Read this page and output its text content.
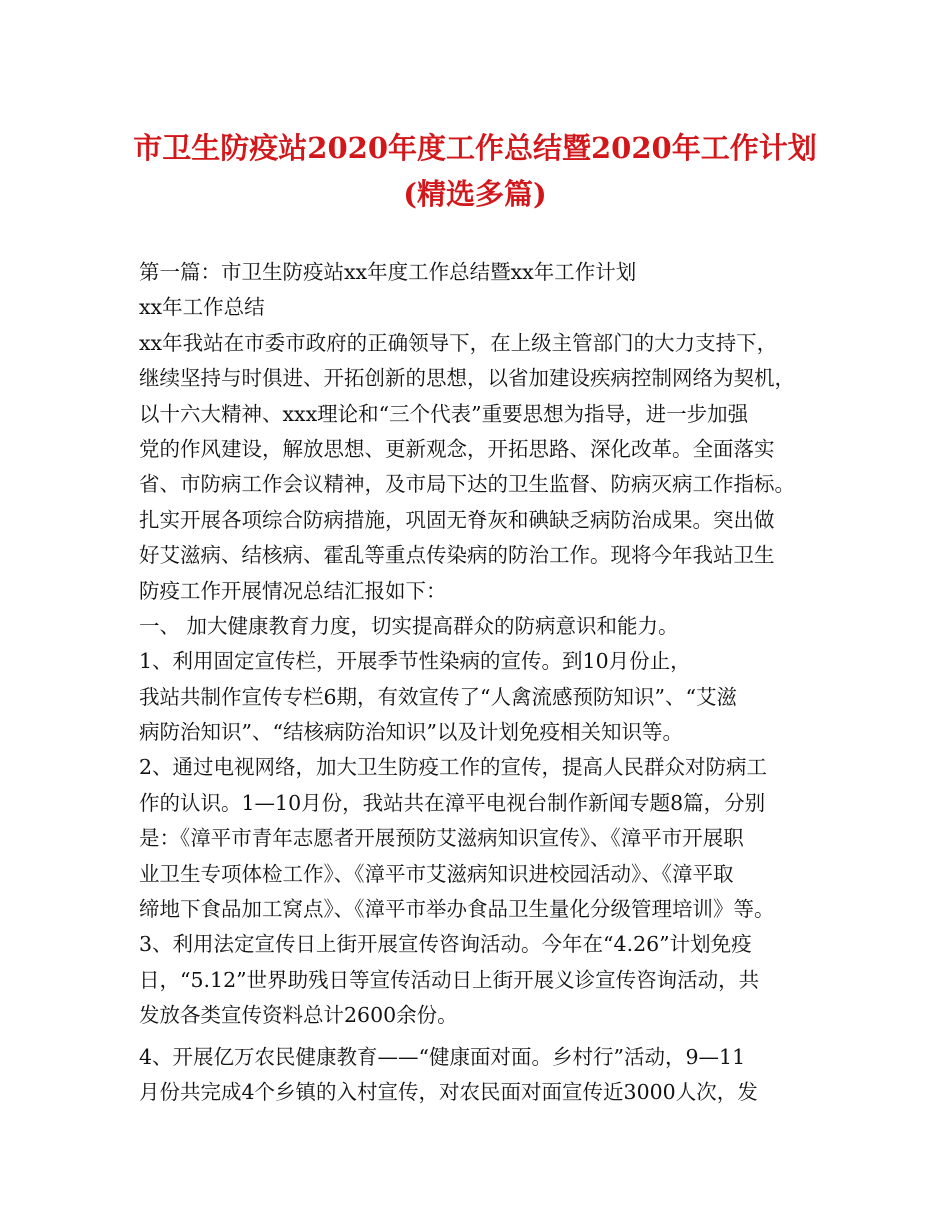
市卫生防疫站2020年度工作总结暨2020年工作计划
(精选多篇)
第一篇：市卫生防疫站xx年度工作总结暨xx年工作计划
xx年工作总结
xx年我站在市委市政府的正确领导下，在上级主管部门的大力支持下，
继续坚持与时俱进、开拓创新的思想，以省加建设疾病控制网络为契机，
以十六大精神、xxx理论和“三个代表”重要思想为指导，进一步加强
党的作风建设，解放思想、更新观念，开拓思路、深化改革。全面落实
省、市防病工作会议精神，及市局下达的卫生监督、防病灭病工作指标。
扎实开展各项综合防病措施，巩固无脊灰和碘缺乏病防治成果。突出做
好艾滋病、结核病、霍乱等重点传染病的防治工作。现将今年我站卫生
防疫工作开展情况总结汇报如下：
一、 加大健康教育力度，切实提高群众的防病意识和能力。
1、利用固定宣传栏，开展季节性染病的宣传。到10月份止，
我站共制作宣传专栏6期，有效宣传了“人禽流感预防知识”、“艾滋
病防治知识”、“结核病防治知识”以及计划免疫相关知识等。
2、通过电视网络，加大卫生防疫工作的宣传，提高人民群众对防病工
作的认识。1—10月份，我站共在漳平电视台制作新闻专题8篇，分别
是：《漳平市青年志愿者开展预防艾滋病知识宣传》、《漳平市开展职
业卫生专项体检工作》、《漳平市艾滋病知识进校园活动》、《漳平取
缔地下食品加工窝点》、《漳平市举办食品卫生量化分级管理培训》等。
3、利用法定宣传日上街开展宣传咨询活动。今年在“4.26”计划免疫
日，“5.12”世界助残日等宣传活动日上街开展义诊宣传咨询活动，共
发放各类宣传资料总计2600余份。
4、开展亿万农民健康教育——“健康面对面。乡村行”活动，9—11
月份共完成4个乡镇的入村宣传，对农民面对面宣传近3000人次，发
